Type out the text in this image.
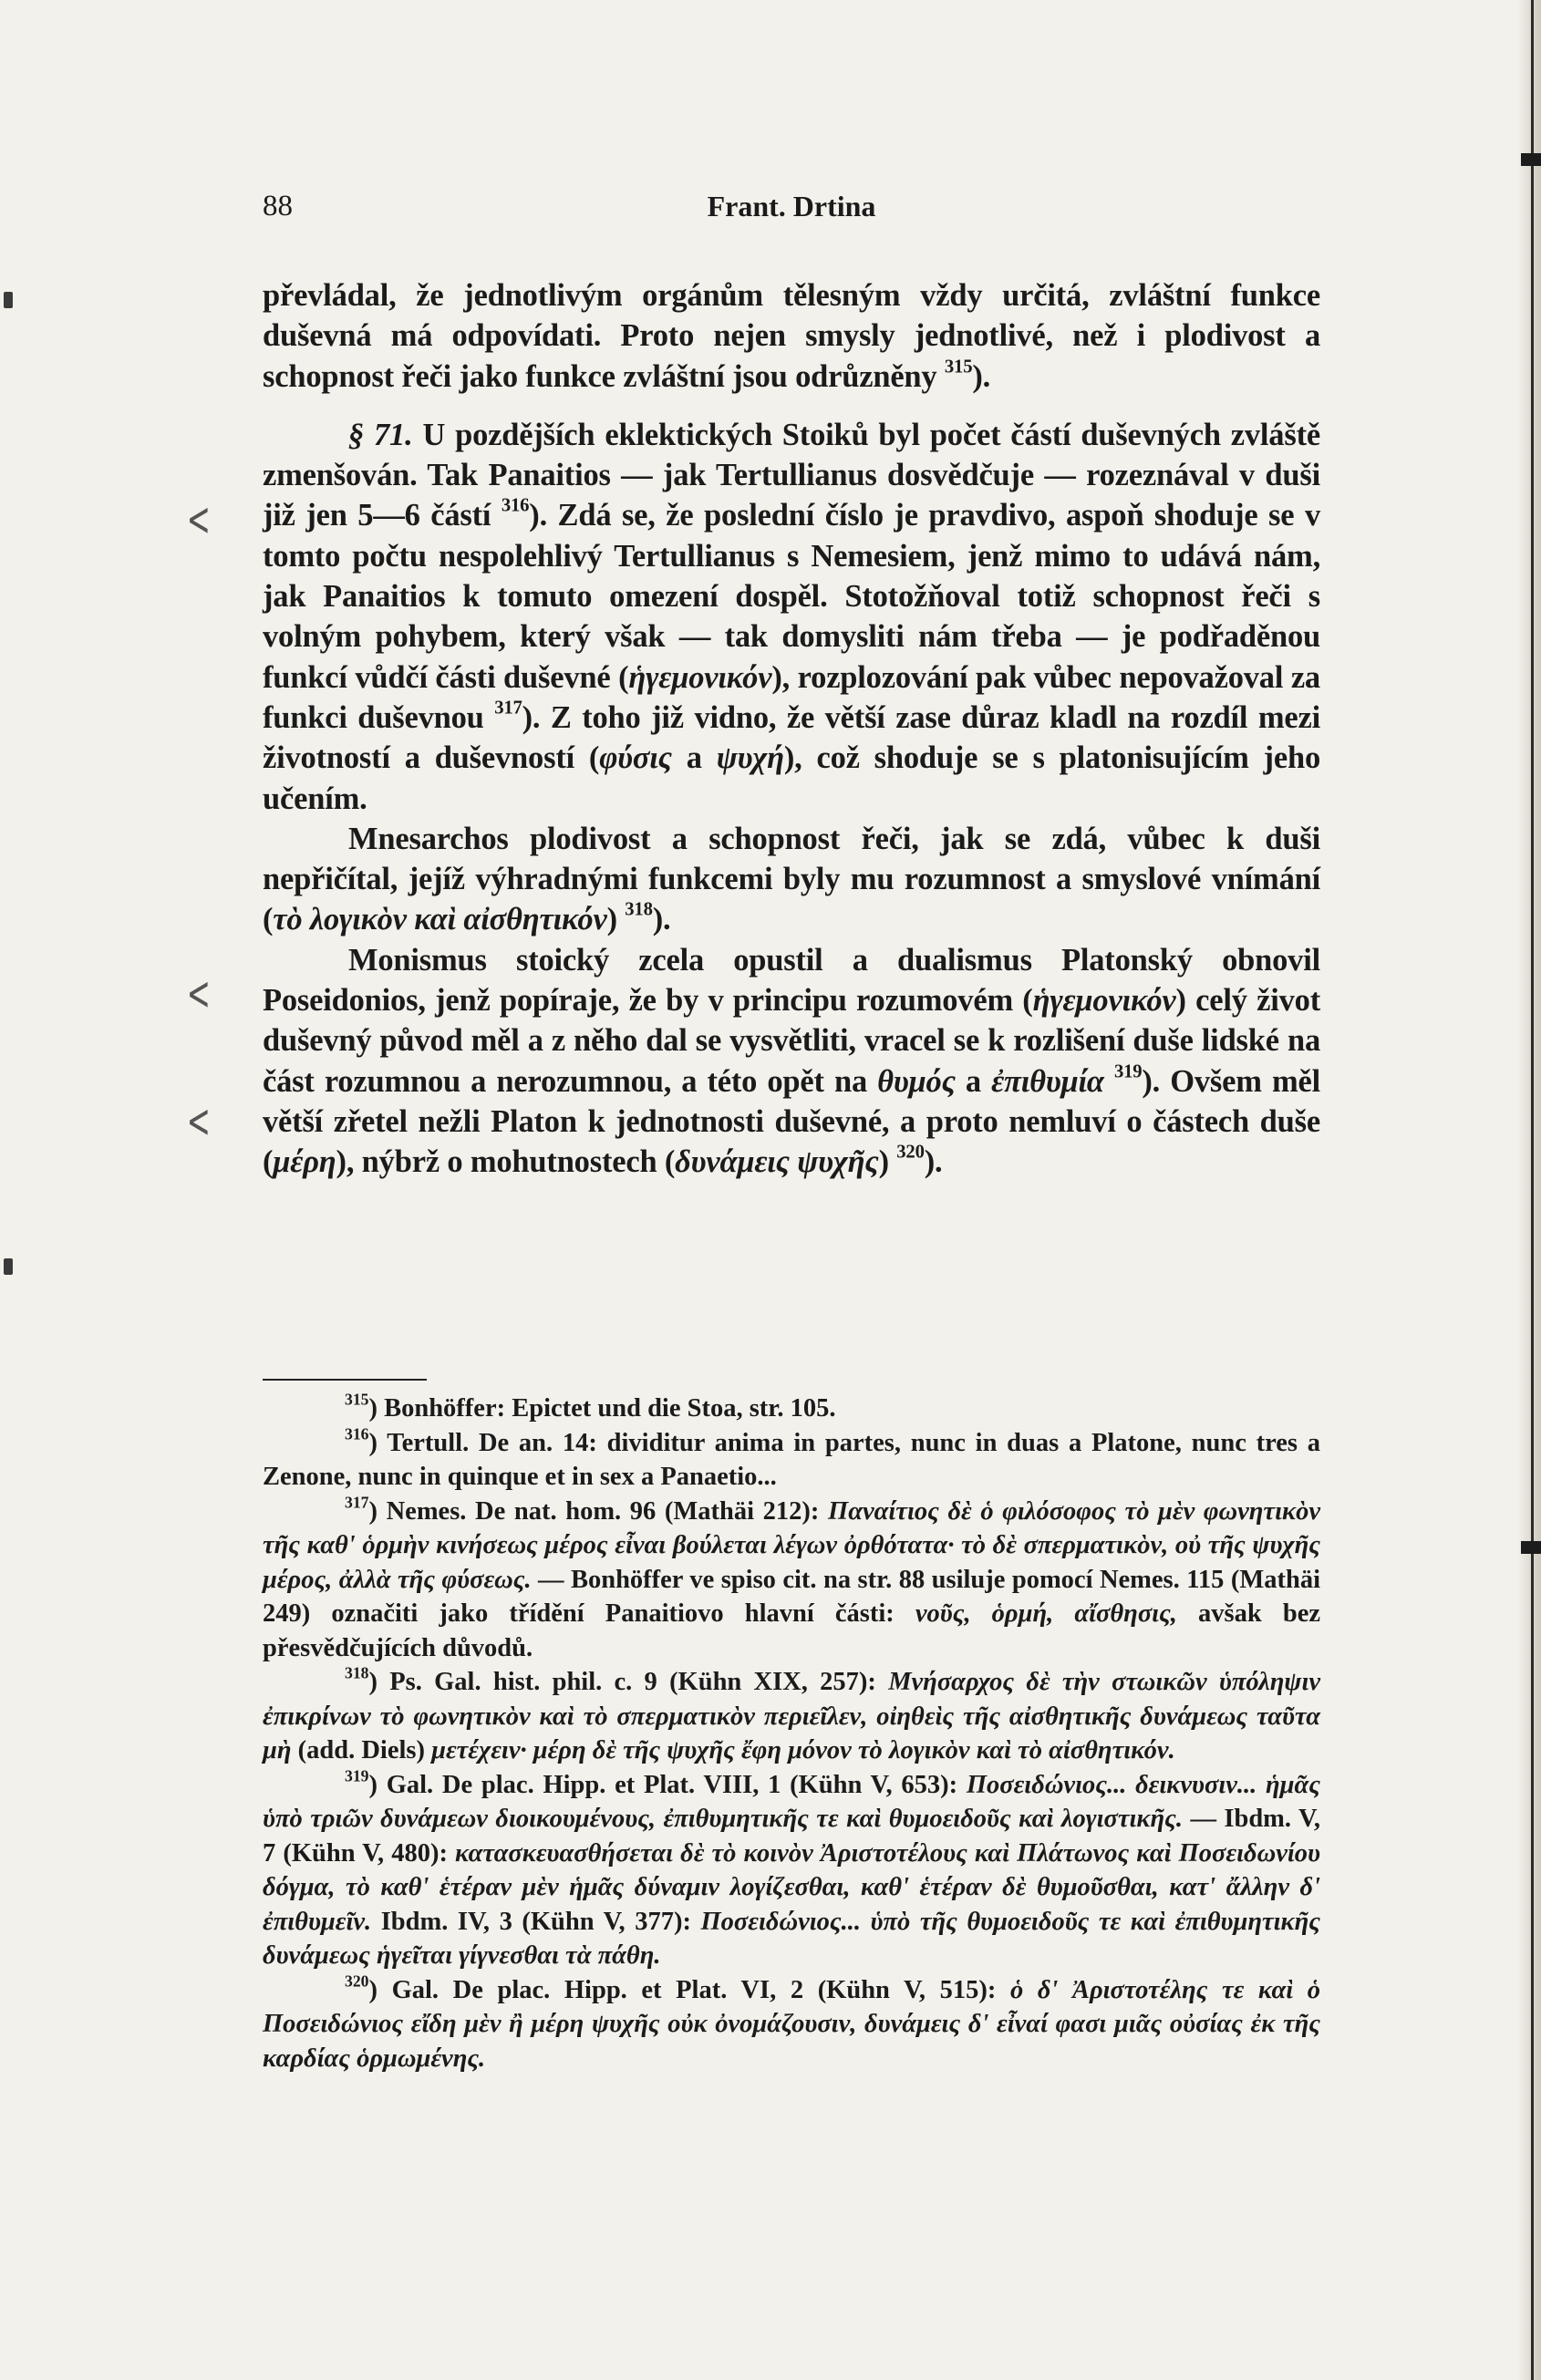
<
<
<
88	Frant. Drtina

převládal, že jednotlivým orgánům tělesným vždy určitá, zvláštní funkce duševná má odpovídati. Proto nejen smysly jednotlivé, než i plodivost a schopnost řeči jako funkce zvláštní jsou odrůzněny $^{315}$).

§ 71. U pozdějších eklektických Stoiků byl počet částí duševných zvláště zmenšován. Tak Panaitios — jak Tertullianus dosvědčuje — rozeznával v duši již jen 5—6 částí $^{316}$). Zdá se, že poslední číslo je pravdivo, aspoň shoduje se v tomto počtu nespolehlivý Tertullianus s Nemesiem, jenž mimo to udává nám, jak Panaitios k tomuto omezení dospěl. Stotožňoval totiž schopnost řeči s volným pohybem, který však — tak domysliti nám třeba — je podřaděnou funkcí vůdčí části duševné (ἡγεμονικόν), rozplozování pak vůbec nepovažoval za funkci duševnou $^{317}$). Z toho již vidno, že větší zase důraz kladl na rozdíl mezi životností a duševností (φύσις a ψυχή), což shoduje se s platonisujícím jeho učením.

Mnesarchos plodivost a schopnost řeči, jak se zdá, vůbec k duši nepřičítal, jejíž výhradnými funkcemi byly mu rozumnost a smyslové vnímání (τὸ λογικὸν καὶ αἰσθητικόν) $^{318}$).

Monismus stoický zcela opustil a dualismus Platonský obnovil Poseidonios, jenž popíraje, že by v principu rozumovém (ἡγεμονικόν) celý život duševný původ měl a z něho dal se vysvětliti, vracel se k rozlišení duše lidské na část rozumnou a nerozumnou, a této opět na θυμός a ἐπιθυμία $^{319}$). Ovšem měl větší zřetel nežli Platon k jednotnosti duševné, a proto nemluví o částech duše (μέρη), nýbrž o mohutnostech (δυνάμεις ψυχῆς) $^{320}$).

$^{315}$) Bonhöffer: Epictet und die Stoa, str. 105.

$^{316}$) Tertull. De an. 14: dividitur anima in partes, nunc in duas a Platone, nunc tres a Zenone, nunc in quinque et in sex a Panaetio...

$^{317}$) Nemes. De nat. hom. 96 (Mathäi 212): Παναίτιος δὲ ὁ φιλόσοφος τὸ μὲν φωνητικὸν τῆς καθ' ὁρμὴν κινήσεως μέρος εἶναι βούλεται λέγων ὀρθότατα· τὸ δὲ σπερματικὸν, οὐ τῆς ψυχῆς μέρος, ἀλλὰ τῆς φύσεως. — Bonhöffer ve spiso cit. na str. 88 usiluje pomocí Nemes. 115 (Mathäi 249) označiti jako třídění Panaitiovo hlavní části: νοῦς, ὁρμή, αἴσθησις, avšak bez přesvědčujících důvodů.

$^{318}$) Ps. Gal. hist. phil. c. 9 (Kühn XIX, 257): Μνήσαρχος δὲ τὴν στωικῶν ὑπόληψιν ἐπικρίνων τὸ φωνητικὸν καὶ τὸ σπερματικὸν περιεῖλεν, οἰηθεὶς τῆς αἰσθητικῆς δυνάμεως ταῦτα μὴ (add. Diels) μετέχειν· μέρη δὲ τῆς ψυχῆς ἔφη μόνον τὸ λογικὸν καὶ τὸ αἰσθητικόν.

$^{319}$) Gal. De plac. Hipp. et Plat. VIII, 1 (Kühn V, 653): Ποσειδώνιος... δεικνυσιν... ἡμᾶς ὑπὸ τριῶν δυνάμεων διοικουμένους, ἐπιθυμητικῆς τε καὶ θυμοειδοῦς καὶ λογιστικῆς. — Ibdm. V, 7 (Kühn V, 480): κατασκευασθήσεται δὲ τὸ κοινὸν Ἀριστοτέλους καὶ Πλάτωνος καὶ Ποσειδωνίου δόγμα, τὸ καθ' ἑτέραν μὲν ἡμᾶς δύναμιν λογίζεσθαι, καθ' ἑτέραν δὲ θυμοῦσθαι, κατ' ἄλλην δ' ἐπιθυμεῖν. Ibdm. IV, 3 (Kühn V, 377): Ποσειδώνιος... ὑπὸ τῆς θυμοειδοῦς τε καὶ ἐπιθυμητικῆς δυνάμεως ἡγεῖται γίγνεσθαι τὰ πάθη.

$^{320}$) Gal. De plac. Hipp. et Plat. VI, 2 (Kühn V, 515): ὁ δ' Ἀριστοτέλης τε καὶ ὁ Ποσειδώνιος εἴδη μὲν ἢ μέρη ψυχῆς οὐκ ὀνομάζουσιν, δυνάμεις δ' εἶναί φασι μιᾶς οὐσίας ἐκ τῆς καρδίας ὁρμωμένης.
